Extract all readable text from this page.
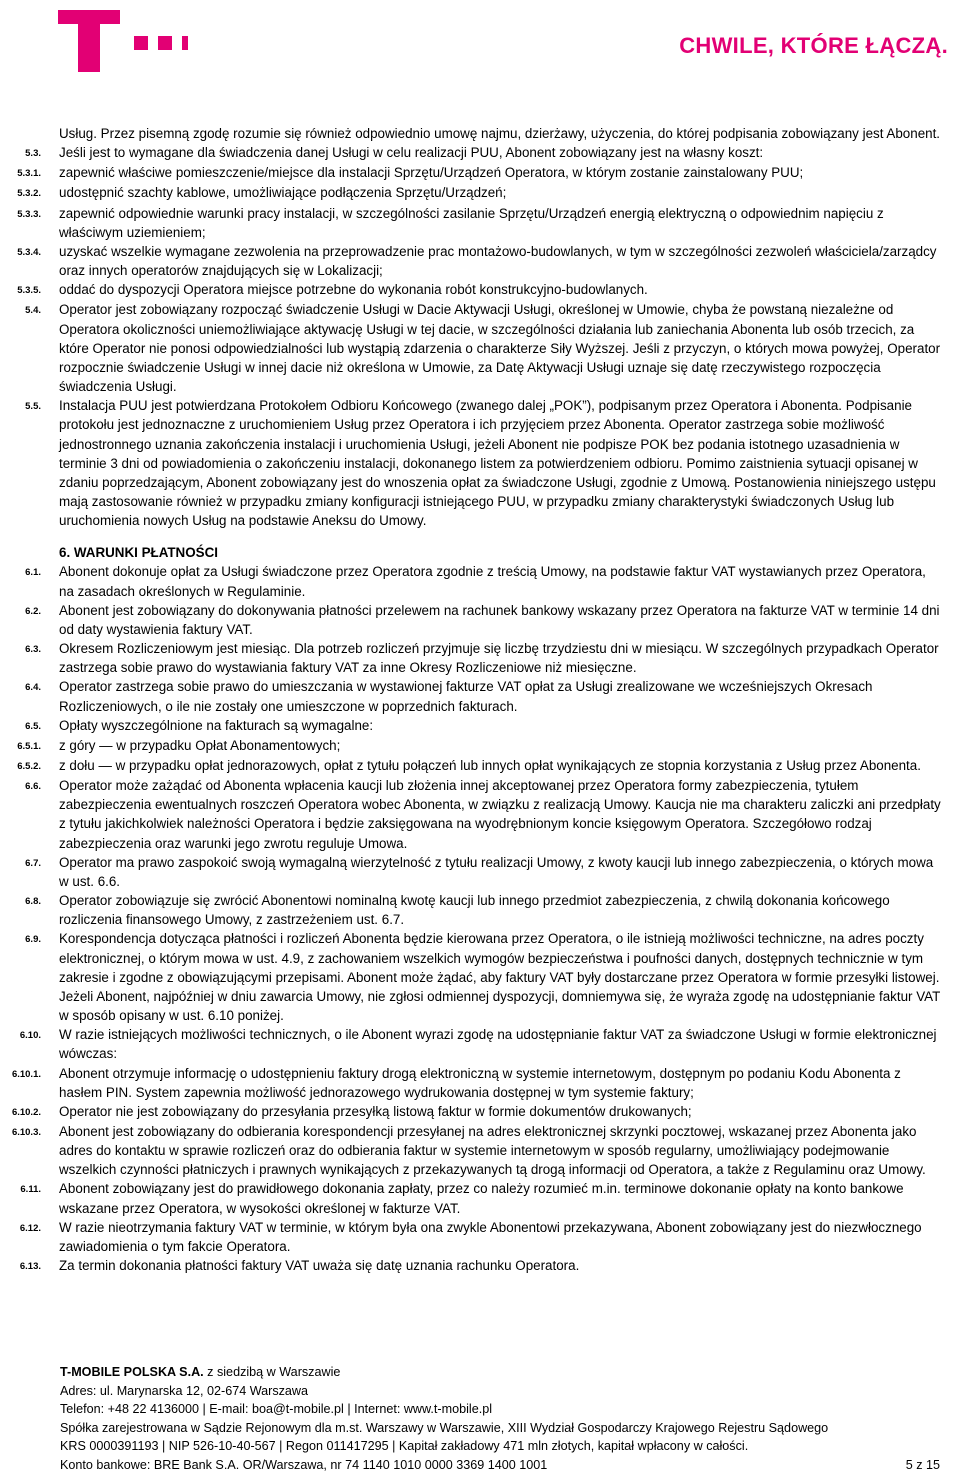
CHWILE, KTÓRE ŁĄCZĄ.
Usług. Przez pisemną zgodę rozumie się również odpowiednio umowę najmu, dzierżawy, użyczenia, do której podpisania zobowiązany jest Abonent.
5.3. Jeśli jest to wymagane dla świadczenia danej Usługi w celu realizacji PUU, Abonent zobowiązany jest na własny koszt:
5.3.1. zapewnić właściwe pomieszczenie/miejsce dla instalacji Sprzętu/Urządzeń Operatora, w którym zostanie zainstalowany PUU;
5.3.2. udostępnić szachty kablowe, umożliwiające podłączenia Sprzętu/Urządzeń;
5.3.3. zapewnić odpowiednie warunki pracy instalacji, w szczególności zasilanie Sprzętu/Urządzeń energią elektryczną o odpowiednim napięciu z właściwym uziemieniem;
5.3.4. uzyskać wszelkie wymagane zezwolenia na przeprowadzenie prac montażowo-budowlanych, w tym w szczególności zezwoleń właściciela/zarządcy oraz innych operatorów znajdujących się w Lokalizacji;
5.3.5. oddać do dyspozycji Operatora miejsce potrzebne do wykonania robót konstrukcyjno-budowlanych.
5.4. Operator jest zobowiązany rozpocząć świadczenie Usługi w Dacie Aktywacji Usługi, określonej w Umowie, chyba że powstaną niezależne od Operatora okoliczności uniemożliwiające aktywację Usługi w tej dacie, w szczególności działania lub zaniechania Abonenta lub osób trzecich, za które Operator nie ponosi odpowiedzialności lub wystąpią zdarzenia o charakterze Siły Wyższej. Jeśli z przyczyn, o których mowa powyżej, Operator rozpocznie świadczenie Usługi w innej dacie niż określona w Umowie, za Datę Aktywacji Usługi uznaje się datę rzeczywistego rozpoczęcia świadczenia Usługi.
5.5. Instalacja PUU jest potwierdzana Protokołem Odbioru Końcowego (zwanego dalej „POK”), podpisanym przez Operatora i Abonenta. Podpisanie protokołu jest jednoznaczne z uruchomieniem Usług przez Operatora i ich przyjęciem przez Abonenta. Operator zastrzega sobie możliwość jednostronnego uznania zakończenia instalacji i uruchomienia Usługi, jeżeli Abonent nie podpisze POK bez podania istotnego uzasadnienia w terminie 3 dni od powiadomienia o zakończeniu instalacji, dokonanego listem za potwierdzeniem odbioru. Pomimo zaistnienia sytuacji opisanej w zdaniu poprzedzającym, Abonent zobowiązany jest do wnoszenia opłat za świadczone Usługi, zgodnie z Umową. Postanowienia niniejszego ustępu mają zastosowanie również w przypadku zmiany konfiguracji istniejącego PUU, w przypadku zmiany charakterystyki świadczonych Usług lub uruchomienia nowych Usług na podstawie Aneksu do Umowy.
6. WARUNKI PŁATNOŚCI
6.1. Abonent dokonuje opłat za Usługi świadczone przez Operatora zgodnie z treścią Umowy, na podstawie faktur VAT wystawianych przez Operatora, na zasadach określonych w Regulaminie.
6.2. Abonent jest zobowiązany do dokonywania płatności przelewem na rachunek bankowy wskazany przez Operatora na fakturze VAT w terminie 14 dni od daty wystawienia faktury VAT.
6.3. Okresem Rozliczeniowym jest miesiąc. Dla potrzeb rozliczeń przyjmuje się liczbę trzydziestu dni w miesiącu. W szczególnych przypadkach Operator zastrzega sobie prawo do wystawiania faktury VAT za inne Okresy Rozliczeniowe niż miesięczne.
6.4. Operator zastrzega sobie prawo do umieszczania w wystawionej fakturze VAT opłat za Usługi zrealizowane we wcześniejszych Okresach Rozliczeniowych, o ile nie zostały one umieszczone w poprzednich fakturach.
6.5. Opłaty wyszczególnione na fakturach są wymagalne:
6.5.1. z góry — w przypadku Opłat Abonamentowych;
6.5.2. z dołu — w przypadku opłat jednorazowych, opłat z tytułu połączeń lub innych opłat wynikających ze stopnia korzystania z Usług przez Abonenta.
6.6. Operator może zażądać od Abonenta wpłacenia kaucji lub złożenia innej akceptowanej przez Operatora formy zabezpieczenia, tytułem zabezpieczenia ewentualnych roszczeń Operatora wobec Abonenta, w związku z realizacją Umowy. Kaucja nie ma charakteru zaliczki ani przedpłaty z tytułu jakichkolwiek należności Operatora i będzie zaksięgowana na wyodrębnionym koncie księgowym Operatora. Szczegółowo rodzaj zabezpieczenia oraz warunki jego zwrotu reguluje Umowa.
6.7. Operator ma prawo zaspokoić swoją wymagalną wierzytelność z tytułu realizacji Umowy, z kwoty kaucji lub innego zabezpieczenia, o których mowa w ust. 6.6.
6.8. Operator zobowiązuje się zwrócić Abonentowi nominalną kwotę kaucji lub innego przedmiot zabezpieczenia, z chwilą dokonania końcowego rozliczenia finansowego Umowy, z zastrzeżeniem ust. 6.7.
6.9. Korespondencja dotycząca płatności i rozliczeń Abonenta będzie kierowana przez Operatora, o ile istnieją możliwości techniczne, na adres poczty elektronicznej, o którym mowa w ust. 4.9, z zachowaniem wszelkich wymogów bezpieczeństwa i poufności danych, dostępnych technicznie w tym zakresie i zgodne z obowiązującymi przepisami. Abonent może żądać, aby faktury VAT były dostarczane przez Operatora w formie przesyłki listowej. Jeżeli Abonent, najpóźniej w dniu zawarcia Umowy, nie zgłosi odmiennej dyspozycji, domniemywa się, że wyraża zgodę na udostępnianie faktur VAT w sposób opisany w ust. 6.10 poniżej.
6.10. W razie istniejących możliwości technicznych, o ile Abonent wyrazi zgodę na udostępnianie faktur VAT za świadczone Usługi w formie elektronicznej wówczas:
6.10.1. Abonent otrzymuje informację o udostępnieniu faktury drogą elektroniczną w systemie internetowym, dostępnym po podaniu Kodu Abonenta z hasłem PIN. System zapewnia możliwość jednorazowego wydrukowania dostępnej w tym systemie faktury;
6.10.2. Operator nie jest zobowiązany do przesyłania przesyłką listową faktur w formie dokumentów drukowanych;
6.10.3. Abonent jest zobowiązany do odbierania korespondencji przesyłanej na adres elektronicznej skrzynki pocztowej, wskazanej przez Abonenta jako adres do kontaktu w sprawie rozliczeń oraz do odbierania faktur w systemie internetowym w sposób regularny, umożliwiający podejmowanie wszelkich czynności płatniczych i prawnych wynikających z przekazywanych tą drogą informacji od Operatora, a także z Regulaminu oraz Umowy.
6.11. Abonent zobowiązany jest do prawidłowego dokonania zapłaty, przez co należy rozumieć m.in. terminowe dokonanie opłaty na konto bankowe wskazane przez Operatora, w wysokości określonej w fakturze VAT.
6.12. W razie nieotrzymania faktury VAT w terminie, w którym była ona zwykle Abonentowi przekazywana, Abonent zobowiązany jest do niezwłocznego zawiadomienia o tym fakcie Operatora.
6.13. Za termin dokonania płatności faktury VAT uważa się datę uznania rachunku Operatora.
T-MOBILE POLSKA S.A. z siedzibą w Warszawie
Adres: ul. Marynarska 12, 02-674 Warszawa
Telefon: +48 22 4136000 | E-mail: boa@t-mobile.pl | Internet: www.t-mobile.pl
Spółka zarejestrowana w Sądzie Rejonowym dla m.st. Warszawy w Warszawie, XIII Wydział Gospodarczy Krajowego Rejestru Sądowego
KRS 0000391193 | NIP 526-10-40-567 | Regon 011417295 | Kapitał zakładowy 471 mln złotych, kapitał wpłacony w całości.
Konto bankowe: BRE Bank S.A. OR/Warszawa, nr 74 1140 1010 0000 3369 1400 1001	5 z 15
